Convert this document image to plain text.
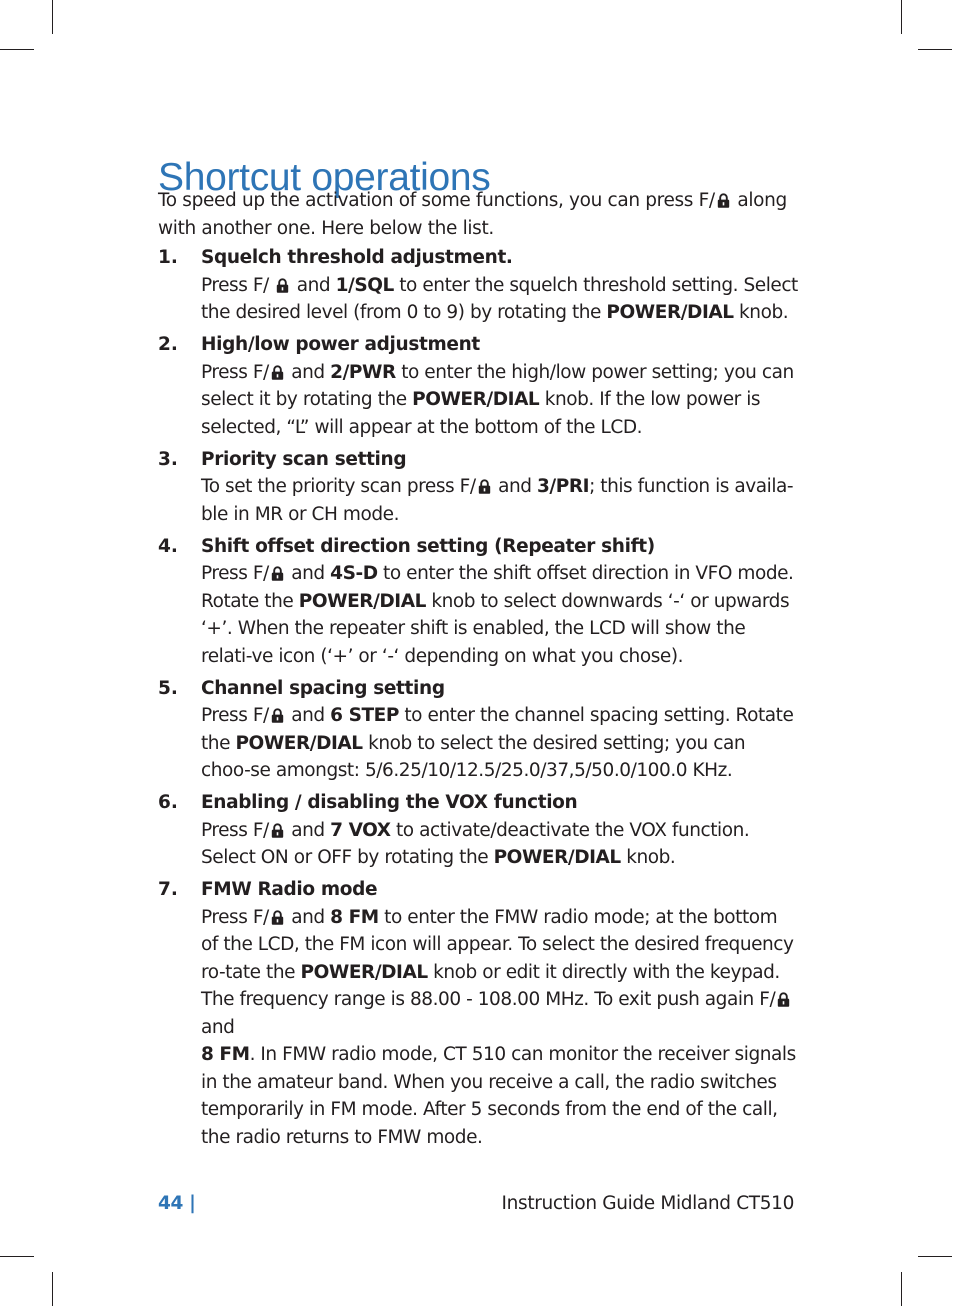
Shortcut operations

To speed up the activation of some functions, you can press F/
along with another one. Here below the list.

1. Squelch threshold adjustment.
Press F/
and 1/SQL to enter the squelch threshold setting. Select the desired level (from 0 to 9) by rotating the POWER/DIAL knob.
2. High/low power adjustment
Press F/
and 2/PWR to enter the high/low power setting; you can select it by rotating the POWER/DIAL knob. If the low power is selected, “L” will appear at the bottom of the LCD.
3. Priority scan setting
To set the priority scan press F/
and 3/PRI; this function is availa-ble in MR or CH mode.
4. Shift offset direction setting (Repeater shift)
Press F/
and 4S-D to enter the shift offset direction in VFO mode. Rotate the POWER/DIAL knob to select downwards ‘-‘ or upwards ‘+’. When the repeater shift is enabled, the LCD will show the relati-ve icon (‘+’ or ‘-‘ depending on what you chose).
5. Channel spacing setting
Press F/
and 6 STEP to enter the channel spacing setting. Rotate the POWER/DIAL knob to select the desired setting; you can choo-se amongst: 5/6.25/10/12.5/25.0/37,5/50.0/100.0 KHz.
6. Enabling / disabling the VOX function
Press F/
and 7 VOX to activate/deactivate the VOX function. Select ON or OFF by rotating the POWER/DIAL knob.
7. FMW Radio mode
Press F/
and 8 FM to enter the FMW radio mode; at the bottom of the LCD, the FM icon will appear. To select the desired frequency ro-tate the POWER/DIAL knob or edit it directly with the keypad. The frequency range is 88.00 - 108.00 MHz. To exit push again F/
and
8 FM. In FMW radio mode, CT 510 can monitor the receiver signals in the amateur band. When you receive a call, the radio switches temporarily in FM mode. After 5 seconds from the end of the call, the radio returns to FMW mode.
44 |	Instruction Guide Midland CT510
